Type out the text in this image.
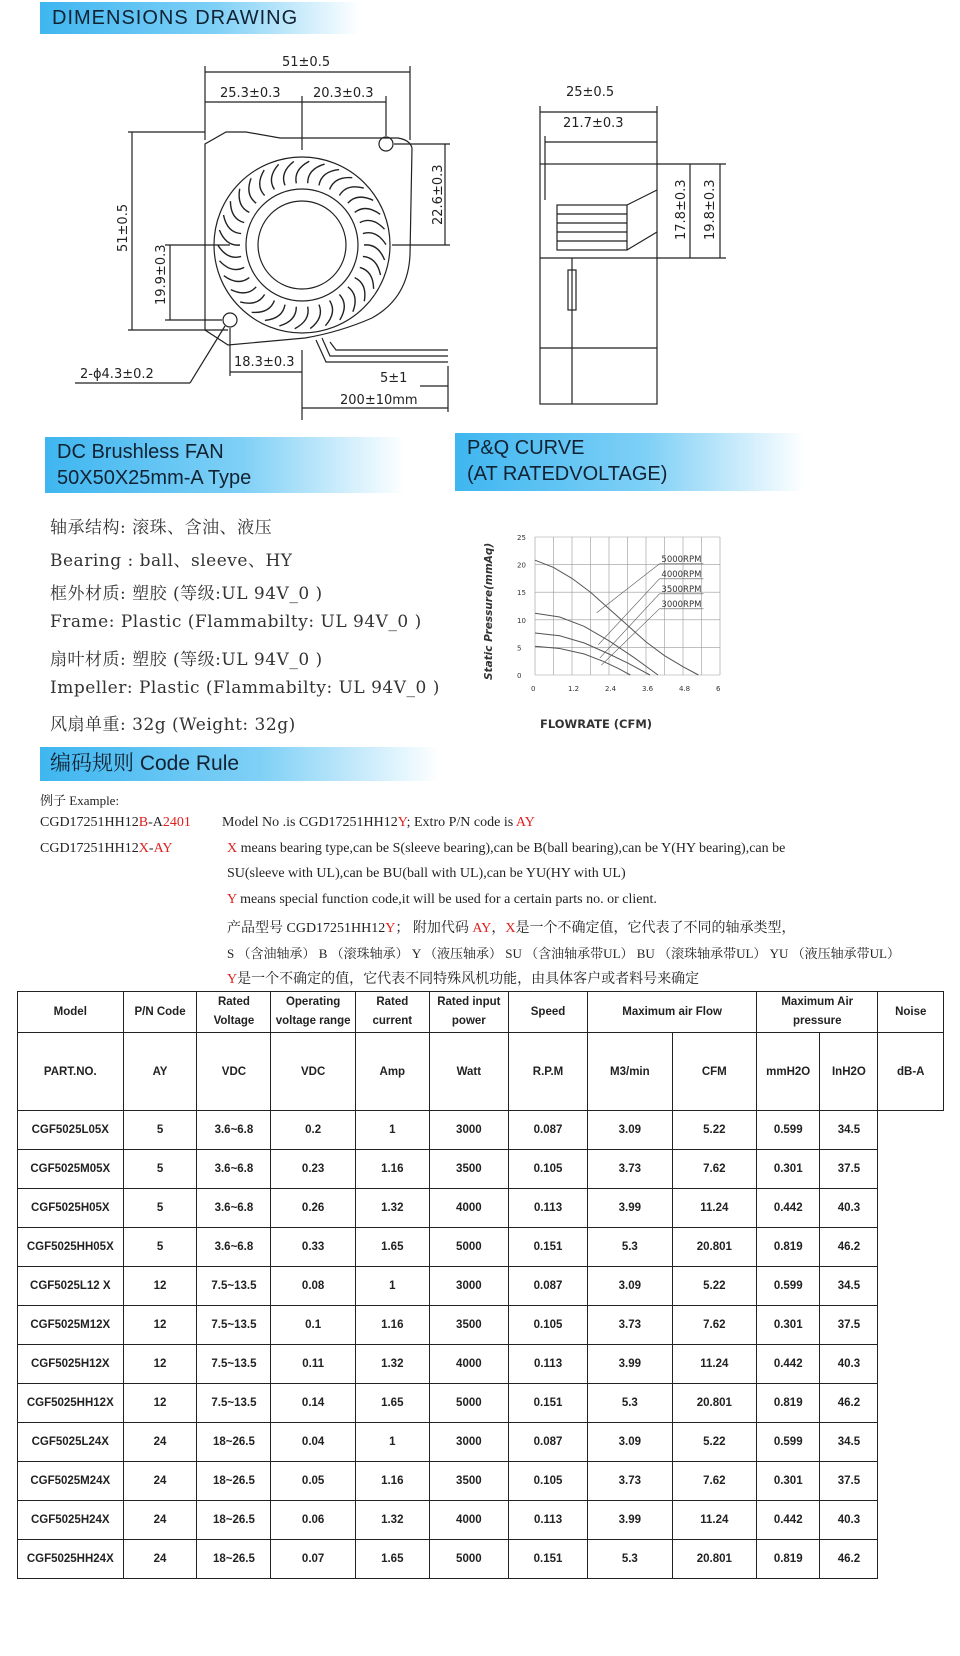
DIMENSIONS DRAWING
51±0.5
25.3±0.3 20.3±0.3
51±0.5
19.9±0.3
22.6±0.3
2-ϕ4.3±0.2
18.3±0.3
5±1
200±10mm
25±0.5
21.7±0.3
17.8±0.3 19.8±0.3
DC Brushless FAN
50X50X25mm-A Type
P&Q CURVE
(AT RATEDVOLTAGE)
轴承结构: 滚珠、含油、液压
Bearing : ball、sleeve、HY
框外材质: 塑胶 (等级:UL 94V_0 )
Frame: Plastic (Flammabilty: UL 94V_0 )
扇叶材质: 塑胶 (等级:UL 94V_0 )
Impeller: Plastic (Flammabilty: UL 94V_0 )
风扇单重: 32g (Weight: 32g)
0	1.2	2.4	3.6	4.8	6
0
5
10
15
20
25
5000RPM
4000RPM
3500RPM
3000RPM
Static Pressure(mmAq)
FLOWRATE (CFM)
编码规则 Code Rule
例子 Example:
CGD17251HH12B-A2401
CGD17251HH12X-AY
Model No .is CGD17251HH12Y; Extro P/N code is AY
X means bearing type,can be S(sleeve bearing),can be B(ball bearing),can be Y(HY bearing),can be
SU(sleeve with UL),can be BU(ball with UL),can be YU(HY with UL)
Y means special function code,it will be used for a certain parts no. or client.
产品型号 CGD17251HH12Y； 附加代码 AY，X是一个不确定值，它代表了不同的轴承类型，
S （含油轴承） B （滚珠轴承） Y （液压轴承） SU （含油轴承带UL） BU （滚珠轴承带UL） YU （液压轴承带UL）
Y是一个不确定的值，它代表不同特殊风机功能，由具体客户或者料号来确定
Model	P/N Code	Rated Voltage	Operating voltage range	Rated current	Rated input power	Speed	Maximum air Flow		Maximum Air pressure		Noise
PART.NO.	AY	VDC	VDC	Amp	Watt	R.P.M	M3/min	CFM	mmH2O	InH2O	dB-A
CGF5025L05X	5	3.6~6.8	0.2	1	3000	0.087	3.09	5.22	0.599	34.5	
CGF5025M05X	5	3.6~6.8	0.23	1.16	3500	0.105	3.73	7.62	0.301	37.5	
CGF5025H05X	5	3.6~6.8	0.26	1.32	4000	0.113	3.99	11.24	0.442	40.3	
CGF5025HH05X	5	3.6~6.8	0.33	1.65	5000	0.151	5.3	20.801	0.819	46.2	
CGF5025L12 X	12	7.5~13.5	0.08	1	3000	0.087	3.09	5.22	0.599	34.5	
CGF5025M12X	12	7.5~13.5	0.1	1.16	3500	0.105	3.73	7.62	0.301	37.5	
CGF5025H12X	12	7.5~13.5	0.11	1.32	4000	0.113	3.99	11.24	0.442	40.3	
CGF5025HH12X	12	7.5~13.5	0.14	1.65	5000	0.151	5.3	20.801	0.819	46.2	
CGF5025L24X	24	18~26.5	0.04	1	3000	0.087	3.09	5.22	0.599	34.5	
CGF5025M24X	24	18~26.5	0.05	1.16	3500	0.105	3.73	7.62	0.301	37.5	
CGF5025H24X	24	18~26.5	0.06	1.32	4000	0.113	3.99	11.24	0.442	40.3	
CGF5025HH24X	24	18~26.5	0.07	1.65	5000	0.151	5.3	20.801	0.819	46.2	
